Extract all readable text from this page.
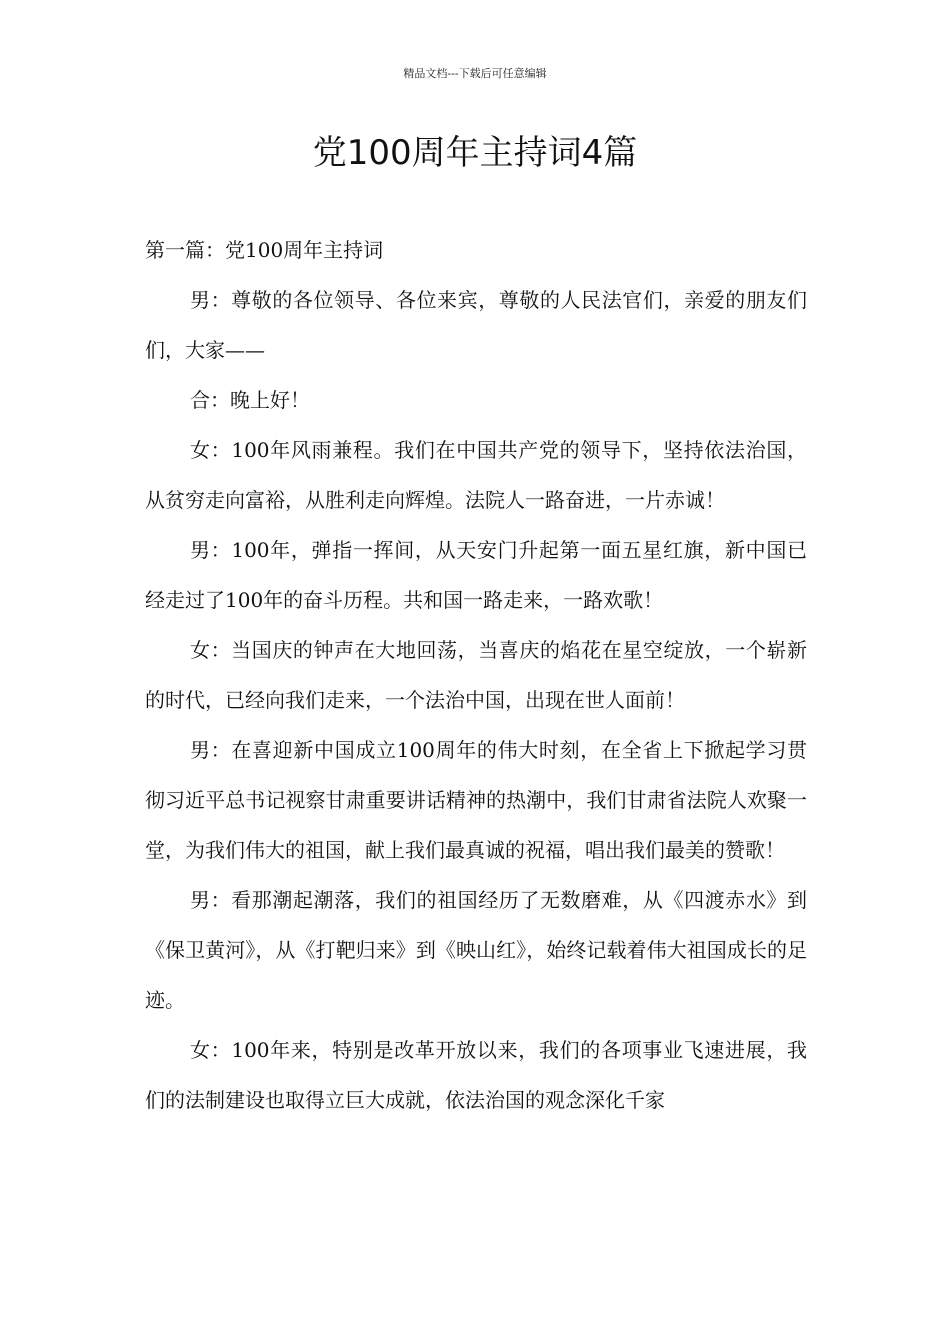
精品文档---下载后可任意编辑
党100周年主持词4篇

第一篇：党100周年主持词

男：尊敬的各位领导、各位来宾，尊敬的人民法官们，亲爱的朋友们们，大家——

合：晚上好！

女：100年风雨兼程。我们在中国共产党的领导下，坚持依法治国，从贫穷走向富裕，从胜利走向辉煌。法院人一路奋进，一片赤诚！

男：100年，弹指一挥间，从天安门升起第一面五星红旗，新中国已经走过了100年的奋斗历程。共和国一路走来，一路欢歌！

女：当国庆的钟声在大地回荡，当喜庆的焰花在星空绽放，一个崭新的时代，已经向我们走来，一个法治中国，出现在世人面前！

男：在喜迎新中国成立100周年的伟大时刻，在全省上下掀起学习贯彻习近平总书记视察甘肃重要讲话精神的热潮中，我们甘肃省法院人欢聚一堂，为我们伟大的祖国，献上我们最真诚的祝福，唱出我们最美的赞歌！

男：看那潮起潮落，我们的祖国经历了无数磨难，从《四渡赤水》到《保卫黄河》，从《打靶归来》到《映山红》，始终记载着伟大祖国成长的足迹。

女：100年来，特别是改革开放以来，我们的各项事业飞速进展，我们的法制建设也取得立巨大成就，依法治国的观念深化千家
